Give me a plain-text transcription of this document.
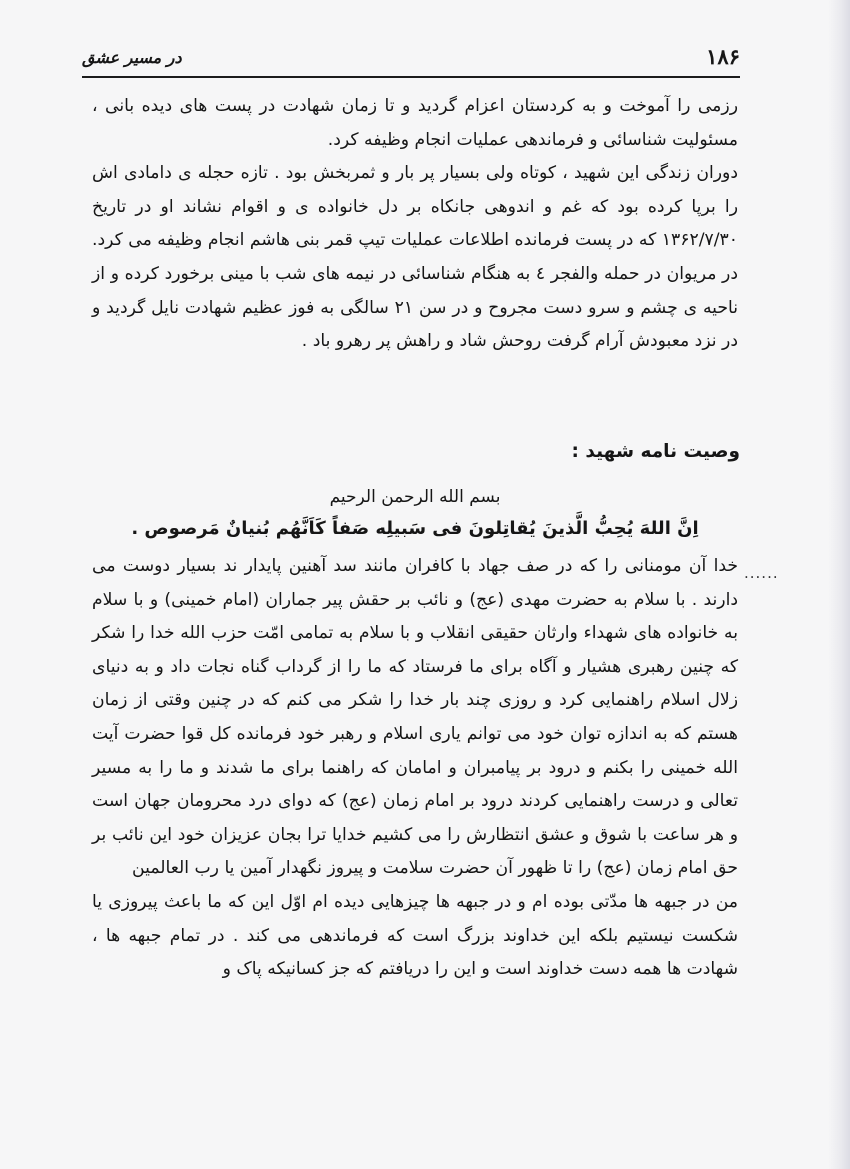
۱۸۶
در مسیر عشق

رزمی را آموخت و به کردستان اعزام گردید و تا زمان شهادت در پست های دیده بانی ، مسئولیت شناسائی و فرماندهی عملیات انجام وظیفه کرد.

دوران زندگی این شهید ، کوتاه ولی بسیار پر بار و ثمربخش بود . تازه حجله ی دامادی اش را برپا کرده بود که غم و اندوهی جانکاه بر دل خانواده ی و اقوام نشاند او در تاریخ ۱۳۶۲/۷/۳۰ که در پست فرمانده اطلاعات عملیات تیپ قمر بنی هاشم انجام وظیفه می کرد. در مریوان در حمله والفجر ٤ به هنگام شناسائی در نیمه های شب با مینی برخورد کرده و از ناحیه ی چشم و سرو دست مجروح و در سن ۲۱ سالگی به فوز عظیم شهادت نایل گردید و در نزد معبودش آرام گرفت روحش شاد و راهش پر رهرو باد .

وصیت نامه شهید :
بسم الله الرحمن الرحیم
اِنَّ اللهَ یُحِبُّ الَّذینَ یُقاتِلونَ فی سَبیلِه صَفاً کَاَنَّهُم بُنیانٌ مَرصوص .
......

خدا آن مومنانی را که در صف جهاد با کافران مانند سد آهنین پایدار ند بسیار دوست می دارند . با سلام به حضرت مهدی (عج) و نائب بر حقش پیر جماران (امام خمینی) و با سلام به خانواده های شهداء وارثان حقیقی انقلاب و با سلام به تمامی امّت حزب الله خدا را شکر که چنین رهبری هشیار و آگاه برای ما فرستاد که ما را از گرداب گناه نجات داد و به دنیای زلال اسلام راهنمایی کرد و روزی چند بار خدا را شکر می کنم که در چنین وقتی از زمان هستم که به اندازه توان خود می توانم یاری اسلام و رهبر خود فرمانده کل قوا حضرت آیت الله خمینی را بکنم و درود بر پیامبران و امامان که راهنما برای ما شدند و ما را به مسیر تعالی و درست راهنمایی کردند درود بر امام زمان (عج) که دوای درد محرومان جهان است و هر ساعت با شوق و عشق انتظارش را می کشیم خدایا ترا بجان عزیزان خود این نائب بر حق امام زمان (عج) را تا ظهور آن حضرت سلامت و پیروز نگهدار آمین یا رب العالمین

من در جبهه ها مدّتی بوده ام و در جبهه ها چیزهایی دیده ام اوّل این که ما باعث پیروزی یا شکست نیستیم بلکه این خداوند بزرگ است که فرماندهی می کند . در تمام جبهه ها ، شهادت ها همه دست خداوند است و این را دریافتم که جز کسانیکه پاک و
